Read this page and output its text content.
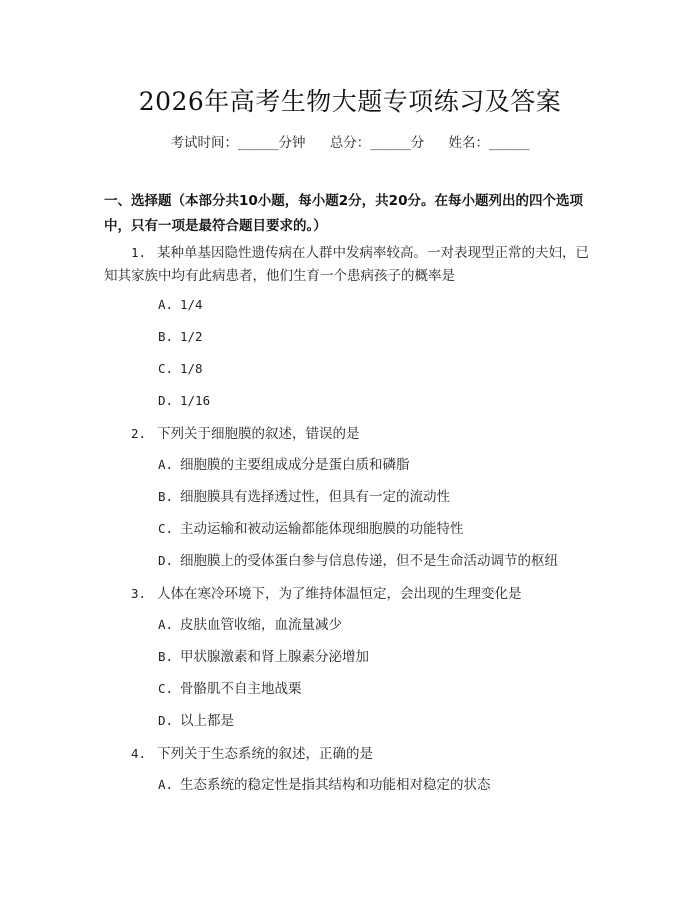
2026年高考生物大题专项练习及答案
考试时间：______分钟 总分：______分 姓名：______
一、选择题（本部分共10小题，每小题2分，共20分。在每小题列出的四个选项中，只有一项是最符合题目要求的。）
1. 某种单基因隐性遗传病在人群中发病率较高。一对表现型正常的夫妇，已
知其家族中均有此病患者，他们生育一个患病孩子的概率是
A. 1/4
B. 1/2
C. 1/8
D. 1/16
2. 下列关于细胞膜的叙述，错误的是
A. 细胞膜的主要组成成分是蛋白质和磷脂
B. 细胞膜具有选择透过性，但具有一定的流动性
C. 主动运输和被动运输都能体现细胞膜的功能特性
D. 细胞膜上的受体蛋白参与信息传递，但不是生命活动调节的枢纽
3. 人体在寒冷环境下，为了维持体温恒定，会出现的生理变化是
A. 皮肤血管收缩，血流量减少
B. 甲状腺激素和肾上腺素分泌增加
C. 骨骼肌不自主地战栗
D. 以上都是
4. 下列关于生态系统的叙述，正确的是
A. 生态系统的稳定性是指其结构和功能相对稳定的状态
